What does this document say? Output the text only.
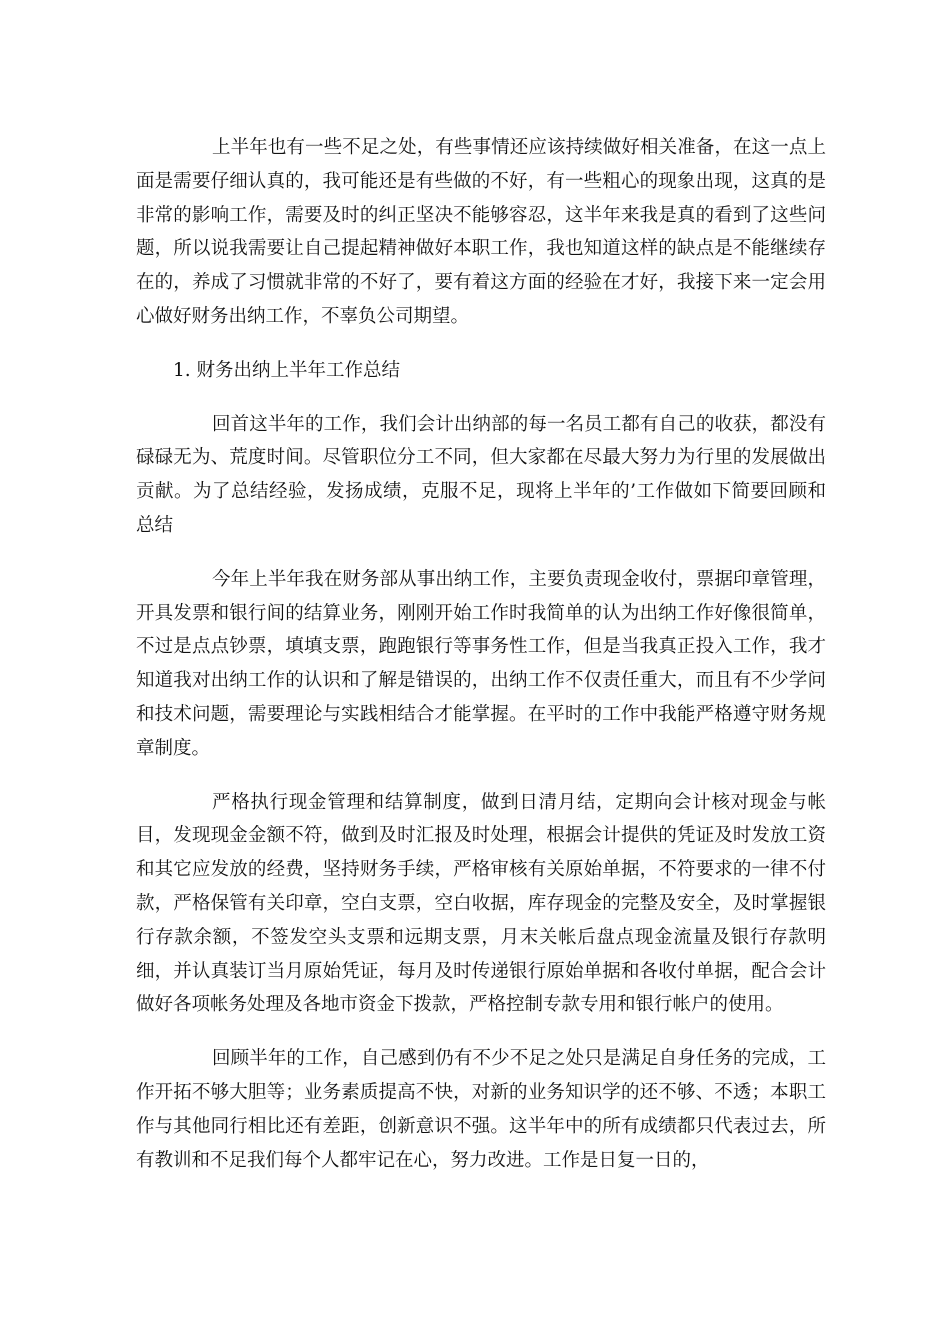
上半年也有一些不足之处，有些事情还应该持续做好相关准备，在这一点上面是需要仔细认真的，我可能还是有些做的不好，有一些粗心的现象出现，这真的是非常的影响工作，需要及时的纠正坚决不能够容忍，这半年来我是真的看到了这些问题，所以说我需要让自己提起精神做好本职工作，我也知道这样的缺点是不能继续存在的，养成了习惯就非常的不好了，要有着这方面的经验在才好，我接下来一定会用心做好财务出纳工作，不辜负公司期望。

1. 财务出纳上半年工作总结

回首这半年的工作，我们会计出纳部的每一名员工都有自己的收获，都没有碌碌无为、荒度时间。尽管职位分工不同，但大家都在尽最大努力为行里的发展做出贡献。为了总结经验，发扬成绩，克服不足，现将上半年的’工作做如下简要回顾和总结

今年上半年我在财务部从事出纳工作，主要负责现金收付，票据印章管理，开具发票和银行间的结算业务，刚刚开始工作时我简单的认为出纳工作好像很简单，不过是点点钞票，填填支票，跑跑银行等事务性工作，但是当我真正投入工作，我才知道我对出纳工作的认识和了解是错误的，出纳工作不仅责任重大，而且有不少学问和技术问题，需要理论与实践相结合才能掌握。在平时的工作中我能严格遵守财务规章制度。

严格执行现金管理和结算制度，做到日清月结，定期向会计核对现金与帐目，发现现金金额不符，做到及时汇报及时处理，根据会计提供的凭证及时发放工资和其它应发放的经费，坚持财务手续，严格审核有关原始单据，不符要求的一律不付款，严格保管有关印章，空白支票，空白收据，库存现金的完整及安全，及时掌握银行存款余额，不签发空头支票和远期支票，月末关帐后盘点现金流量及银行存款明细，并认真装订当月原始凭证，每月及时传递银行原始单据和各收付单据，配合会计做好各项帐务处理及各地市资金下拨款，严格控制专款专用和银行帐户的使用。

回顾半年的工作，自己感到仍有不少不足之处只是满足自身任务的完成，工作开拓不够大胆等；业务素质提高不快，对新的业务知识学的还不够、不透；本职工作与其他同行相比还有差距，创新意识不强。这半年中的所有成绩都只代表过去，所有教训和不足我们每个人都牢记在心，努力改进。工作是日复一日的，
